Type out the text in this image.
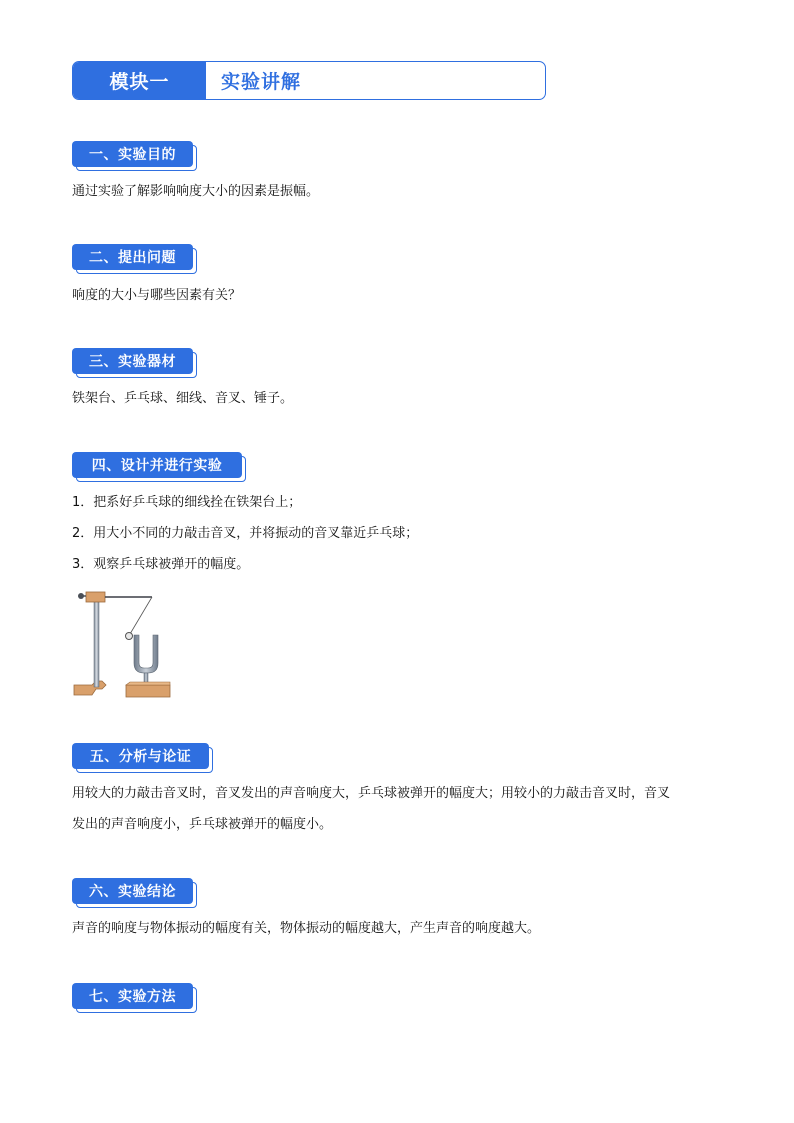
模块一	实验讲解
一、实验目的
通过实验了解影响响度大小的因素是振幅。
二、提出问题
响度的大小与哪些因素有关？
三、实验器材
铁架台、乒乓球、细线、音叉、锤子。
四、设计并进行实验
1．把系好乒乓球的细线拴在铁架台上；
2．用大小不同的力敲击音叉，并将振动的音叉靠近乒乓球；
3．观察乒乓球被弹开的幅度。
五、分析与论证
用较大的力敲击音叉时，音叉发出的声音响度大，乒乓球被弹开的幅度大；用较小的力敲击音叉时，音叉
发出的声音响度小，乒乓球被弹开的幅度小。
六、实验结论
声音的响度与物体振动的幅度有关，物体振动的幅度越大，产生声音的响度越大。
七、实验方法
